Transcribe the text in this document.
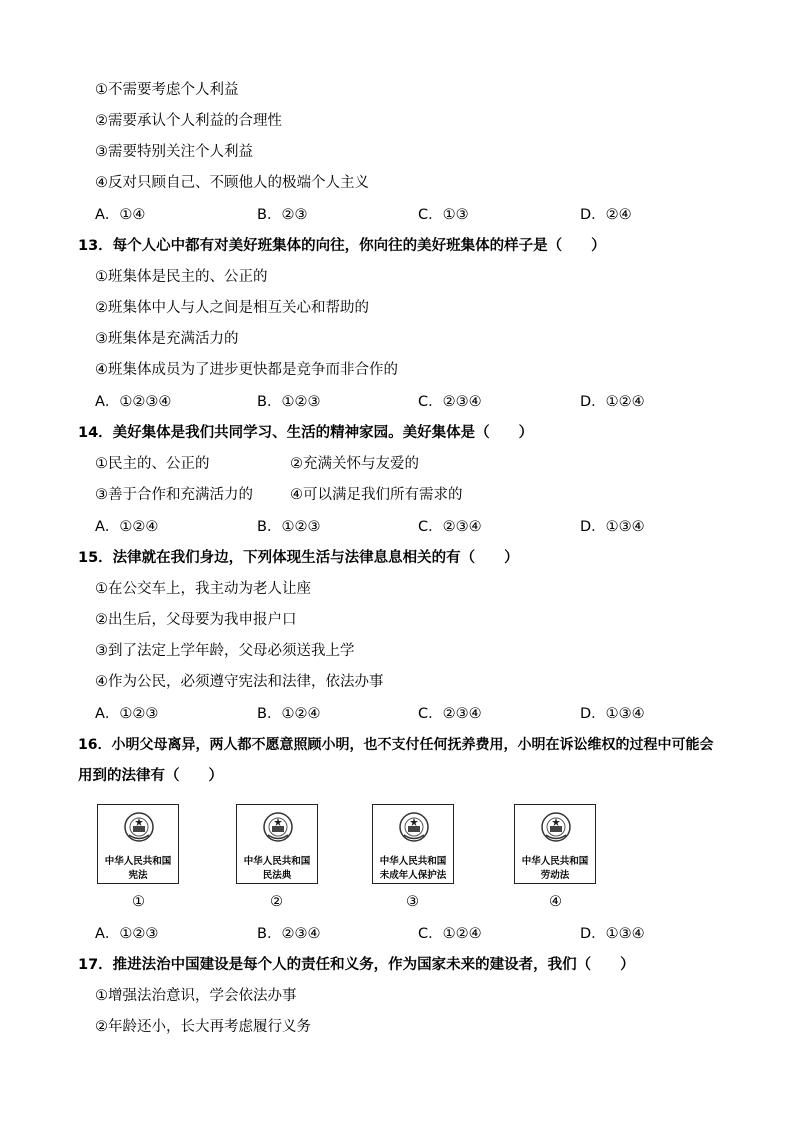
①不需要考虑个人利益
②需要承认个人利益的合理性
③需要特别关注个人利益
④反对只顾自己、不顾他人的极端个人主义
A．①④	B．②③	C．①③	D．②④
13．每个人心中都有对美好班集体的向往，你向往的美好班集体的样子是（　　）
①班集体是民主的、公正的
②班集体中人与人之间是相互关心和帮助的
③班集体是充满活力的
④班集体成员为了进步更快都是竞争而非合作的
A．①②③④	B．①②③	C．②③④	D．①②④
14．美好集体是我们共同学习、生活的精神家园。美好集体是（　　）
①民主的、公正的	②充满关怀与友爱的
③善于合作和充满活力的	④可以满足我们所有需求的
A．①②④	B．①②③	C．②③④	D．①③④
15．法律就在我们身边，下列体现生活与法律息息相关的有（　　）
①在公交车上，我主动为老人让座
②出生后，父母要为我申报户口
③到了法定上学年龄，父母必须送我上学
④作为公民，必须遵守宪法和法律，依法办事
A．①②③	B．①②④	C．②③④	D．①③④
16．小明父母离异，两人都不愿意照顾小明，也不支付任何抚养费用，小明在诉讼维权的过程中可能会
用到的法律有（　　）
中华人民共和国
宪法
中华人民共和国
民法典
中华人民共和国
未成年人保护法
中华人民共和国
劳动法
①	②	③	④
A．①②③	B．②③④	C．①②④	D．①③④
17．推进法治中国建设是每个人的责任和义务，作为国家未来的建设者，我们（　　）
①增强法治意识，学会依法办事
②年龄还小，长大再考虑履行义务
